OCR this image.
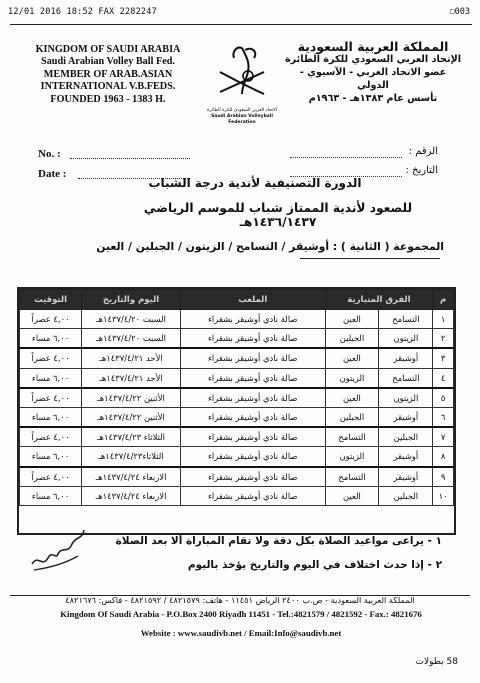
12/01 2016 18:52 FAX 2282247	☐003
KINGDOM OF SAUDI ARABIA
Saudi Arabian Volley Ball Fed.
MEMBER OF ARAB.ASIAN
INTERNATIONAL V.B.FEDS.
FOUNDED 1963 - 1383 H.
الاتحاد العربي السعودي للكرة الطائرة
Saudi Arabian Volleyball Federation
المملكة العربية السعودية
الإتحاد العربي السعودي للكرة الطائرة
عضو الاتحاد العربي - الآسيوي - الدولي
تأسس عام ١٣٨٣هـ - ١٩٦٣م
No. :
Date :
الرقم :
التاريخ :
الدورة التصنيفية لأندية درجة الشباب
للصعود لأندية الممتاز شباب للموسم الرياضي ١٤٣٦/١٤٣٧هـ
المجموعة ( الثانية ) : أوشيقر / التسامح / الزيتون / الجبلين / العين
م	الفرق المتبارية		الملعب	اليوم والتاريخ	التوقيت
١	التسامح	العين	صالة نادي أوشيقر بشقراء	السبت ١٤٣٧/٤/٢٠هـ	٤,٠٠ عصراً
٢	الزيتون	الجبلين	صالة نادي أوشيقر بشقراء	السبت ١٤٣٧/٤/٢٠هـ	٦,٠٠ مساء
٣	أوشيقر	العين	صالة نادي أوشيقر بشقراء	الأحد ١٤٣٧/٤/٢١هـ	٤,٠٠ عصراً
٤	التسامح	الزيتون	صالة نادي أوشيقر بشقراء	الأحد ١٤٣٧/٤/٢١هـ	٦,٠٠ مساء
٥	الزيتون	العين	صالة نادي أوشيقر بشقراء	الأثنين ١٤٣٧/٤/٢٢هـ	٤,٠٠ عصراً
٦	أوشيقر	الجبلين	صالة نادي أوشيقر بشقراء	الأثنين ١٤٣٧/٤/٢٢هـ	٦,٠٠ مساء
٧	الجبلين	التسامح	صالة نادي أوشيقر بشقراء	الثلاثاء ١٤٣٧/٤/٢٣هـ	٤,٠٠ عصراً
٨	أوشيقر	الزيتون	صالة نادي أوشيقر بشقراء	الثلاثاء١٤٣٧/٤/٢٣هـ	٦,٠٠ مساء
٩	أوشيقر	التسامح	صالة نادي أوشيقر بشقراء	الاربعاء ١٤٣٧/٤/٢٤هـ	٤,٠٠ عصراً
١٠	الجبلين	العين	صالة نادي أوشيقر بشقراء	الاربعاء ١٤٣٧/٤/٢٤هـ	٦,٠٠ مساء
١ - يراعى مواعيد الصلاة بكل دقة ولا تقام المباراة ألا بعد الصلاة
٢ - إذا حدث اختلاف في اليوم والتاريخ يؤخذ باليوم
المملكة العربية السعودية - ص.ب ٢٤٠٠ الرياض ١١٤٥١ - هاتف: ٤٨٢١٥٧٩ / ٤٨٢١٥٩٢ - فاكس: ٤٨٢١٦٧٦
Kingdom Of Saudi Arabia - P.O.Box 2400 Riyadh 11451 - Tel.:4821579 / 4821592 - Fax.: 4821676
Website : www.saudivb.net / Email:Info@saudivb.net
58 بطولات
